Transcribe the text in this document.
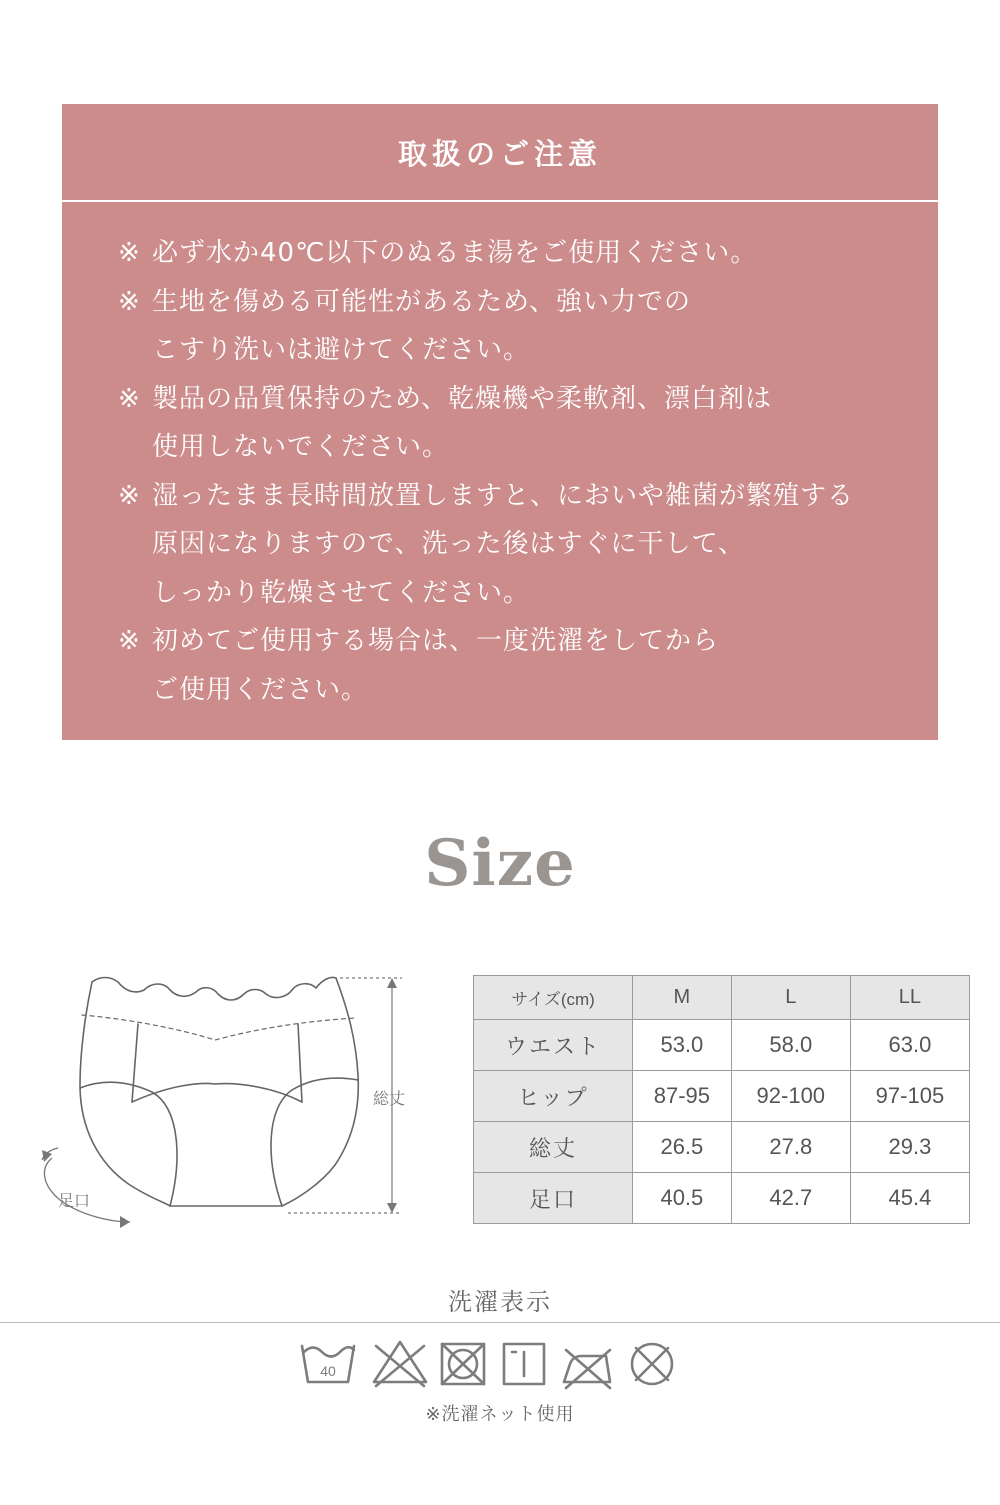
取扱のご注意
※ 必ず水か40℃以下のぬるま湯をご使用ください。
※ 生地を傷める可能性があるため、強い力での
こすり洗いは避けてください。
※ 製品の品質保持のため、乾燥機や柔軟剤、漂白剤は
使用しないでください。
※ 湿ったまま長時間放置しますと、においや雑菌が繁殖する
原因になりますので、洗った後はすぐに干して、
しっかり乾燥させてください。
※ 初めてご使用する場合は、一度洗濯をしてから
ご使用ください。
Size
総丈
足口
サイズ(cm)	M	L	LL
ウエスト	53.0	58.0	63.0
ヒップ	87-95	92-100	97-105
総丈	26.5	27.8	29.3
足口	40.5	42.7	45.4
洗濯表示
40
※洗濯ネット使用
